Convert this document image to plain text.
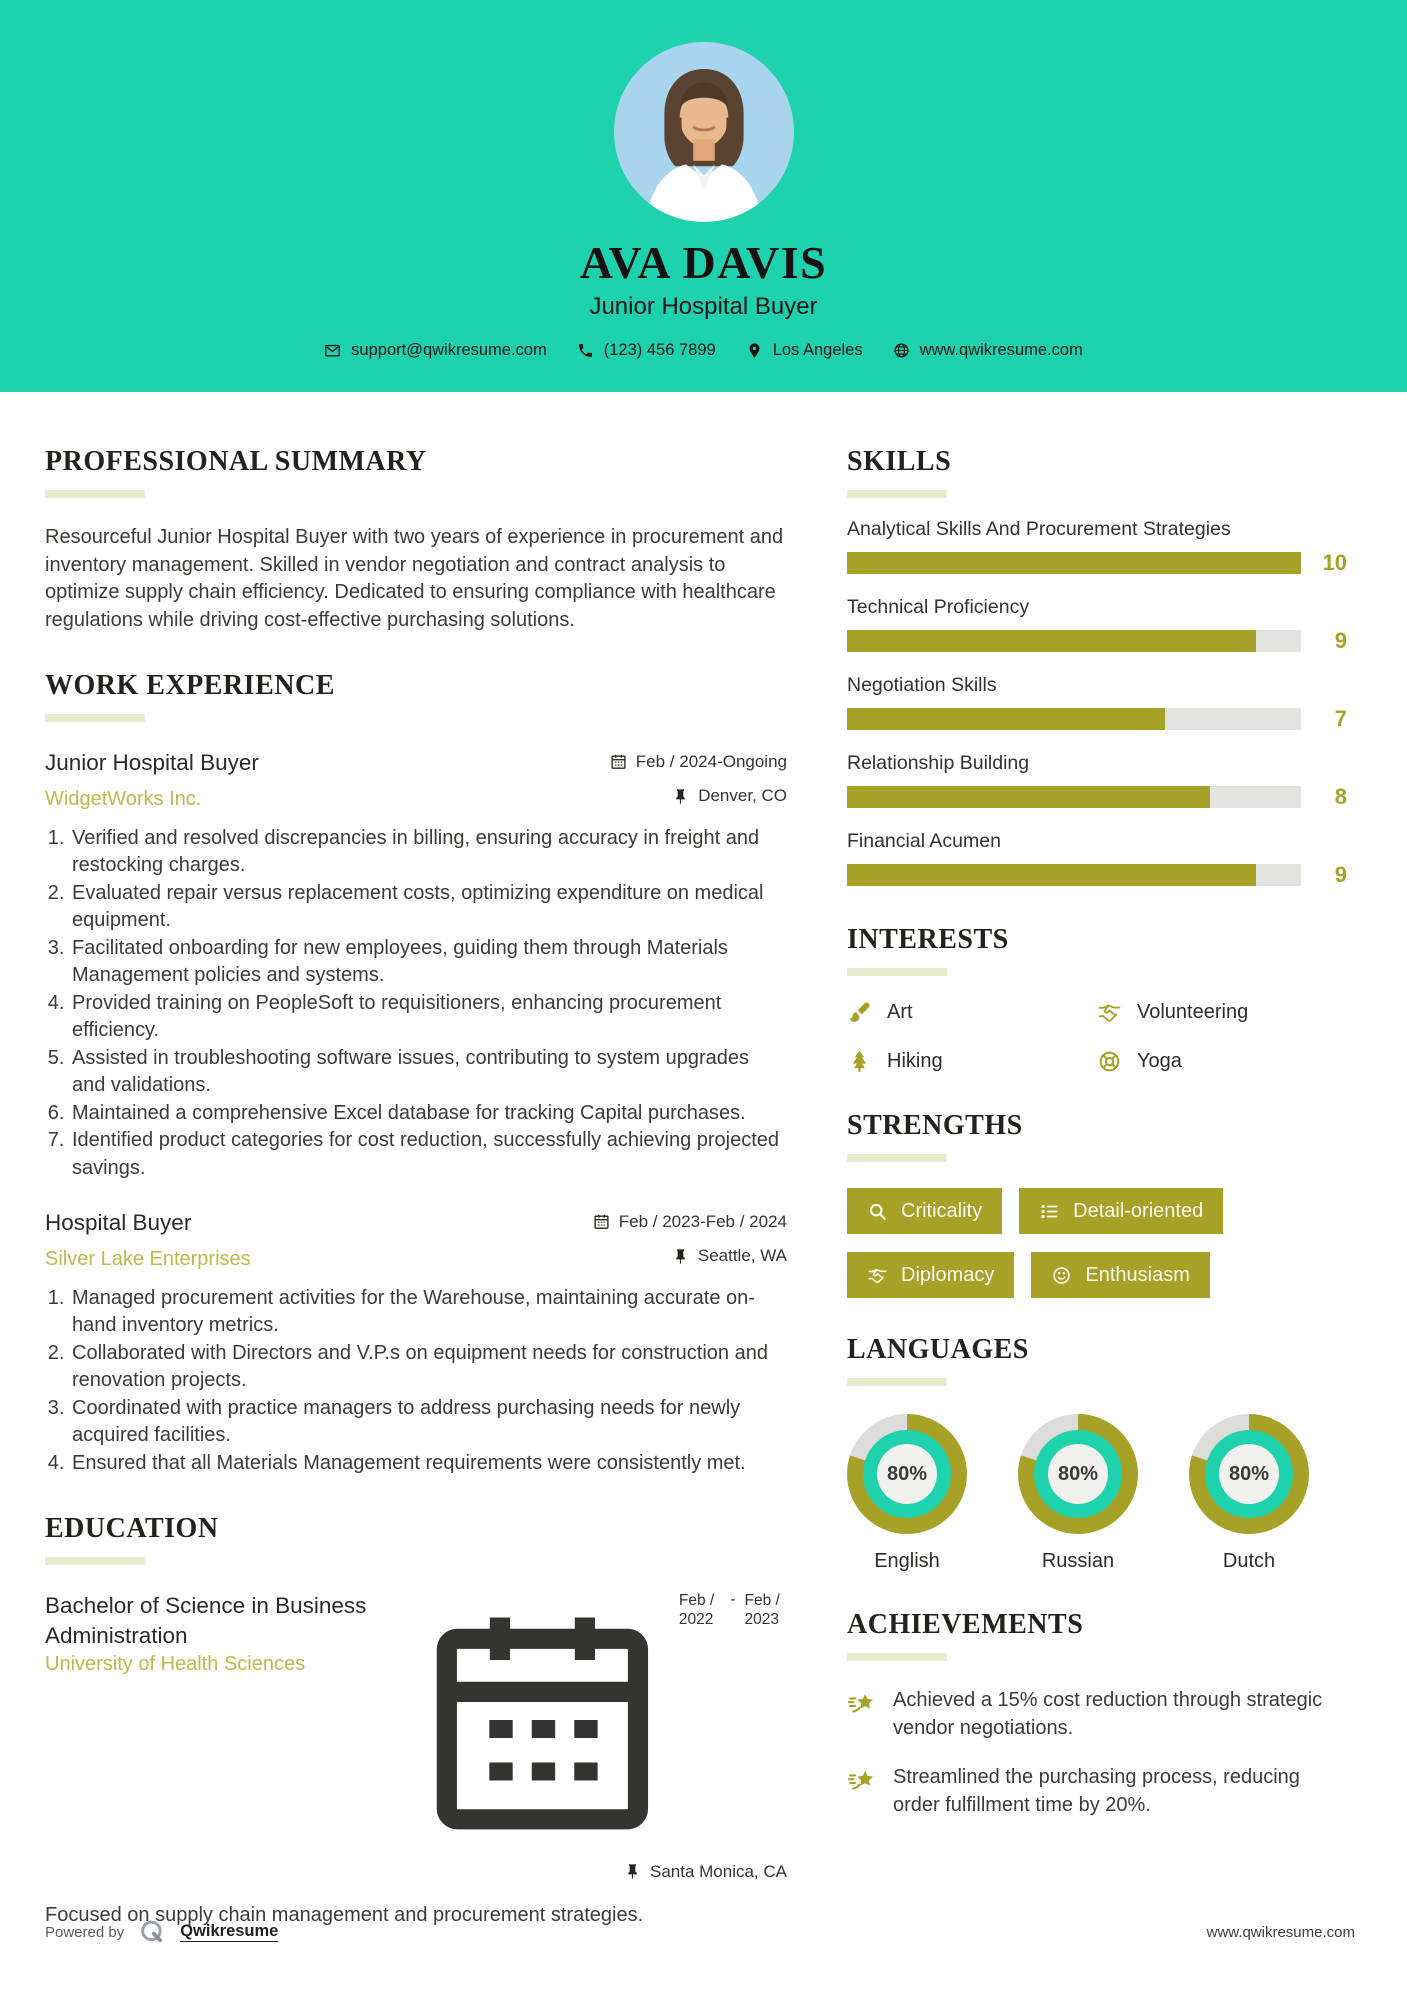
AVA DAVIS
Junior Hospital Buyer
support@qwikresume.com	(123) 456 7899	Los Angeles	www.qwikresume.com
PROFESSIONAL SUMMARY

Resourceful Junior Hospital Buyer with two years of experience in procurement and inventory management. Skilled in vendor negotiation and contract analysis to optimize supply chain efficiency. Dedicated to ensuring compliance with healthcare regulations while driving cost-effective purchasing solutions.

WORK EXPERIENCE
Junior Hospital Buyer	Feb / 2024-Ongoing
WidgetWorks Inc.	Denver, CO
1. Verified and resolved discrepancies in billing, ensuring accuracy in freight and restocking charges.
2. Evaluated repair versus replacement costs, optimizing expenditure on medical equipment.
3. Facilitated onboarding for new employees, guiding them through Materials Management policies and systems.
4. Provided training on PeopleSoft to requisitioners, enhancing procurement efficiency.
5. Assisted in troubleshooting software issues, contributing to system upgrades and validations.
6. Maintained a comprehensive Excel database for tracking Capital purchases.
7. Identified product categories for cost reduction, successfully achieving projected savings.
Hospital Buyer	Feb / 2023-Feb / 2024
Silver Lake Enterprises	Seattle, WA
1. Managed procurement activities for the Warehouse, maintaining accurate on-hand inventory metrics.
2. Collaborated with Directors and V.P.s on equipment needs for construction and renovation projects.
3. Coordinated with practice managers to address purchasing needs for newly acquired facilities.
4. Ensured that all Materials Management requirements were consistently met.
EDUCATION
Bachelor of Science in Business Administration
University of Health Sciences
Feb / 2022
- Feb / 2023
Santa Monica, CA

Focused on supply chain management and procurement strategies.

SKILLS
Analytical Skills And Procurement Strategies
10
Technical Proficiency
9
Negotiation Skills
7
Relationship Building
8
Financial Acumen
9
INTERESTS
Art	Volunteering
Hiking	Yoga
STRENGTHS
Criticality	Detail-oriented
Diplomacy	Enthusiasm
LANGUAGES
80%
English
80%
Russian
80%
Dutch
ACHIEVEMENTS
Achieved a 15% cost reduction through strategic vendor negotiations.
Streamlined the purchasing process, reducing order fulfillment time by 20%.
Powered by	Qwikresume	www.qwikresume.com
